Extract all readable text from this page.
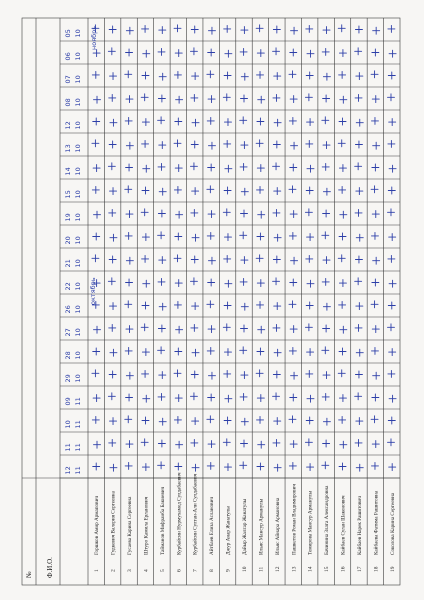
№ Ф.И.О.
05 10
06 10
07 10
08 10
12 10
13 10
14 10
15 10
19 10
20 10
21 10
22 10
26 10
27 10
28 10
29 10
09 11
10 11
11 11
12 11
октябрь
ноябрь
1
Горшков Амир Армапович
2
Гудкевич Валерия Сергеевна
3
Гусаева Карина Сергеевна
4
Штуро Камила Ерланович
5
Тайманов Мифраиба Бакиевич
6
Курбайсин Нурмухамед Сулдабаевич
7
Курбайсин Султан-Али Сулдабаевич
8
Айтбаев Елиза Асланович
9
Джур Анар Жанатулы
10
Дайыр Жалгар Жанатулы
11
Ильяс Мансур Арманулы
12
Ильяс Айнара Армановна
13
Пашкетов Роман Владимирович
14
Темирова Мансур Арманулы
15
Бачинина Злата Александровна
16
Кайбаев Сулан Шакенович
17
Кайбаев Нарек Рашитович
18
Кайбаева Фатима Рашитовна
19
Соколова Карина Сергеевна
